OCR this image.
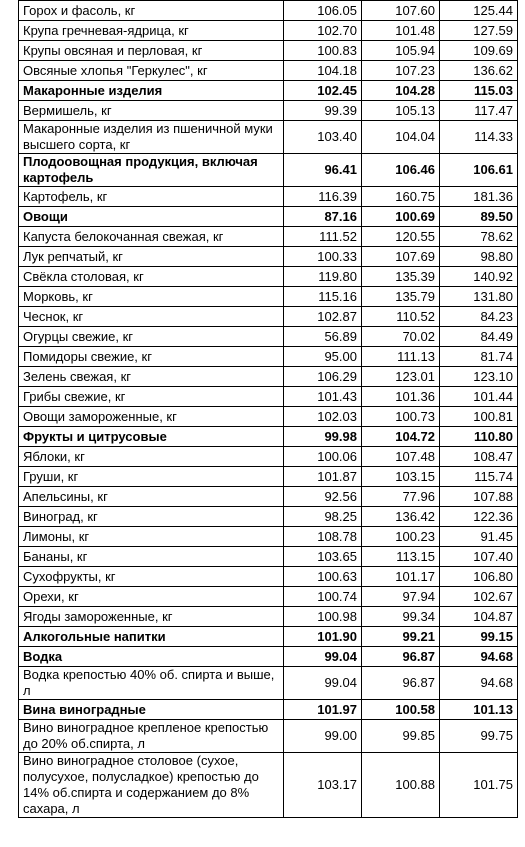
Горох и фасоль, кг	106.05	107.60	125.44
Крупа гречневая-ядрица, кг	102.70	101.48	127.59
Крупы овсяная и перловая, кг	100.83	105.94	109.69
Овсяные хлопья "Геркулес", кг	104.18	107.23	136.62
Макаронные изделия	102.45	104.28	115.03
Вермишель, кг	99.39	105.13	117.47
Макаронные изделия из пшеничной муки высшего сорта, кг	103.40	104.04	114.33
Плодоовощная продукция, включая картофель	96.41	106.46	106.61
Картофель, кг	116.39	160.75	181.36
Овощи	87.16	100.69	89.50
Капуста белокочанная свежая, кг	111.52	120.55	78.62
Лук репчатый, кг	100.33	107.69	98.80
Свёкла столовая, кг	119.80	135.39	140.92
Морковь, кг	115.16	135.79	131.80
Чеснок, кг	102.87	110.52	84.23
Огурцы свежие, кг	56.89	70.02	84.49
Помидоры свежие, кг	95.00	111.13	81.74
Зелень свежая, кг	106.29	123.01	123.10
Грибы свежие, кг	101.43	101.36	101.44
Овощи замороженные, кг	102.03	100.73	100.81
Фрукты и цитрусовые	99.98	104.72	110.80
Яблоки, кг	100.06	107.48	108.47
Груши, кг	101.87	103.15	115.74
Апельсины, кг	92.56	77.96	107.88
Виноград, кг	98.25	136.42	122.36
Лимоны, кг	108.78	100.23	91.45
Бананы, кг	103.65	113.15	107.40
Сухофрукты, кг	100.63	101.17	106.80
Орехи, кг	100.74	97.94	102.67
Ягоды замороженные, кг	100.98	99.34	104.87
Алкогольные напитки	101.90	99.21	99.15
Водка	99.04	96.87	94.68
Водка крепостью 40% об. спирта и выше, л	99.04	96.87	94.68
Вина виноградные	101.97	100.58	101.13
Вино виноградное крепленое крепостью до 20% об.спирта, л	99.00	99.85	99.75
Вино виноградное столовое (сухое, полусухое, полусладкое) крепостью до 14% об.спирта и содержанием до 8% сахара, л	103.17	100.88	101.75
